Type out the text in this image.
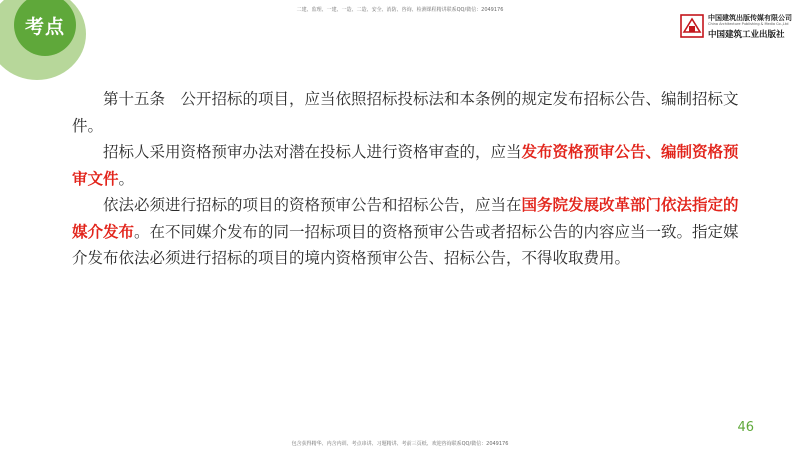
考点
二建、监理、一建、一造、二造、安全、消防、咨询、检测课程精讲联系QQ/微信：2049176
中国建筑出版传媒有限公司
China Architecture Publishing & Media Co.,Ltd
中国建筑工业出版社

第十五条　公开招标的项目，应当依照招标投标法和本条例的规定发布招标公告、编制招标文件。

招标人采用资格预审办法对潜在投标人进行资格审查的，应当发布资格预审公告、编制资格预审文件。

依法必须进行招标的项目的资格预审公告和招标公告，应当在国务院发展改革部门依法指定的媒介发布。在不同媒介发布的同一招标项目的资格预审公告或者招标公告的内容应当一致。指定媒介发布依法必须进行招标的项目的境内资格预审公告、招标公告，不得收取费用。

46
包含获得精华、内含内训、考点串讲、习题精讲、考前三页纸、欢迎咨询联系QQ/微信：2049176
